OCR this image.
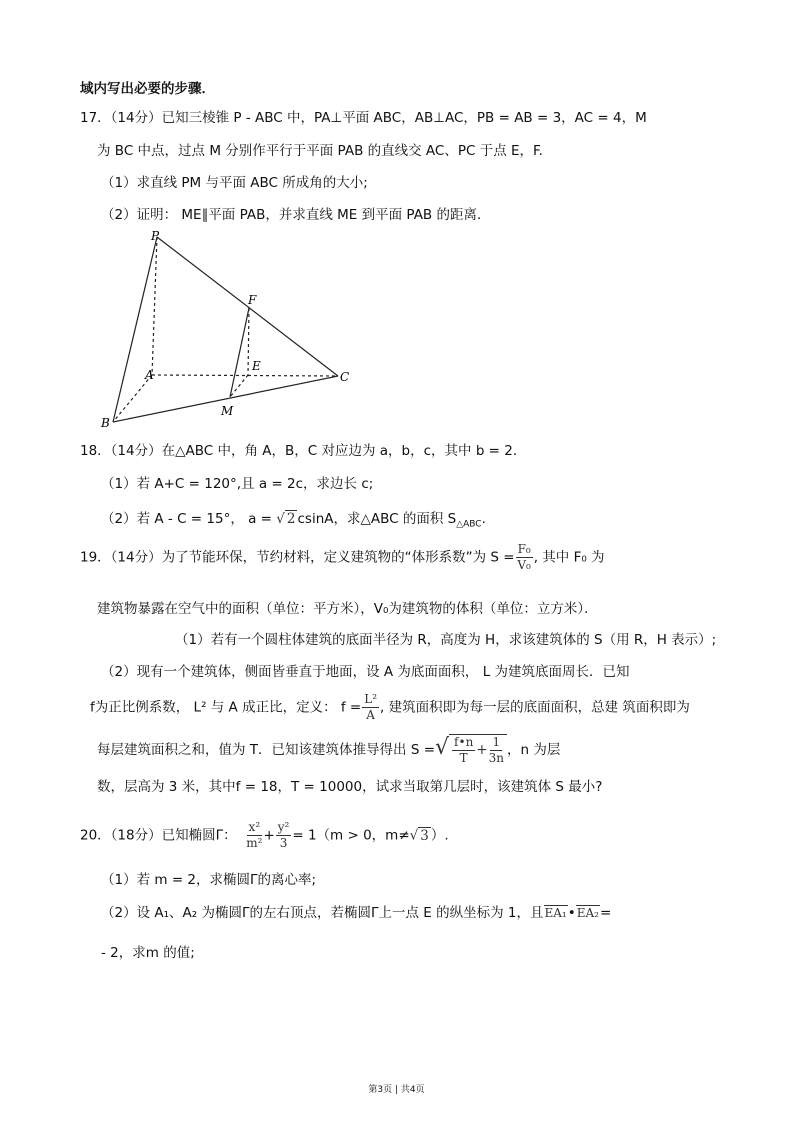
域内写出必要的步骤．
17．（14分）已知三棱锥 P - ABC 中，PA⊥平面 ABC，AB⊥AC，PB = AB = 3，AC = 4，M
为 BC 中点，过点 M 分别作平行于平面 PAB 的直线交 AC、PC 于点 E，F.
（1）求直线 PM 与平面 ABC 所成角的大小;
（2）证明： ME∥平面 PAB，并求直线 ME 到平面 PAB 的距离．
P
A
B
C
E
F
M
18．（14分）在△ABC 中，角 A，B，C 对应边为 a，b，c，其中 b = 2.
（1）若 A+C = 120°,且 a = 2c，求边长 c;
（2）若 A - C = 15°， a = √ 2 csinA，求△ABC 的面积 $S_{\triangle ABC}$.
19．（14分）为了节能环保，节约材料，定义建筑物的“体形系数”为 $S = \frac{\text{F₀}}{\text{V₀}}$ , 其中 F₀ 为
建筑物暴露在空气中的面积（单位：平方米），V₀为建筑物的体积（单位：立方米）．
（1）若有一个圆柱体建筑的底面半径为 R，高度为 H，求该建筑体的 S（用 R，H 表示）;
（2）现有一个建筑体，侧面皆垂直于地面，设 A 为底面面积， L 为建筑底面周长．已知
f为正比例系数， L² 与 A 成正比，定义： $f = \frac{\text{L²}}{A}$ , 建筑面积即为每一层的底面面积，总建 筑面积即为
每层建筑面积之和，值为 T．已知该建筑体推导得出 S =√ $\frac{f•n}{T} + \frac{1}{3n}$ ，n 为层
数，层高为 3 米，其中f = 18，T = 10000，试求当取第几层时，该建筑体 S 最小?
20．（18分）已知椭圆Γ： $\frac{\text{x²}}{\text{m²}} + \frac{\text{y²}}{3} = 1(m > 0$，m≠√ 3 ）.
（1）若 m = 2，求椭圆Γ的离心率;
（2）设 A₁、A₂ 为椭圆Γ的左右顶点，若椭圆Γ上一点 E 的纵坐标为 1，且EA₁•EA₂=
- 2，求m 的值;
第3页 | 共4页
